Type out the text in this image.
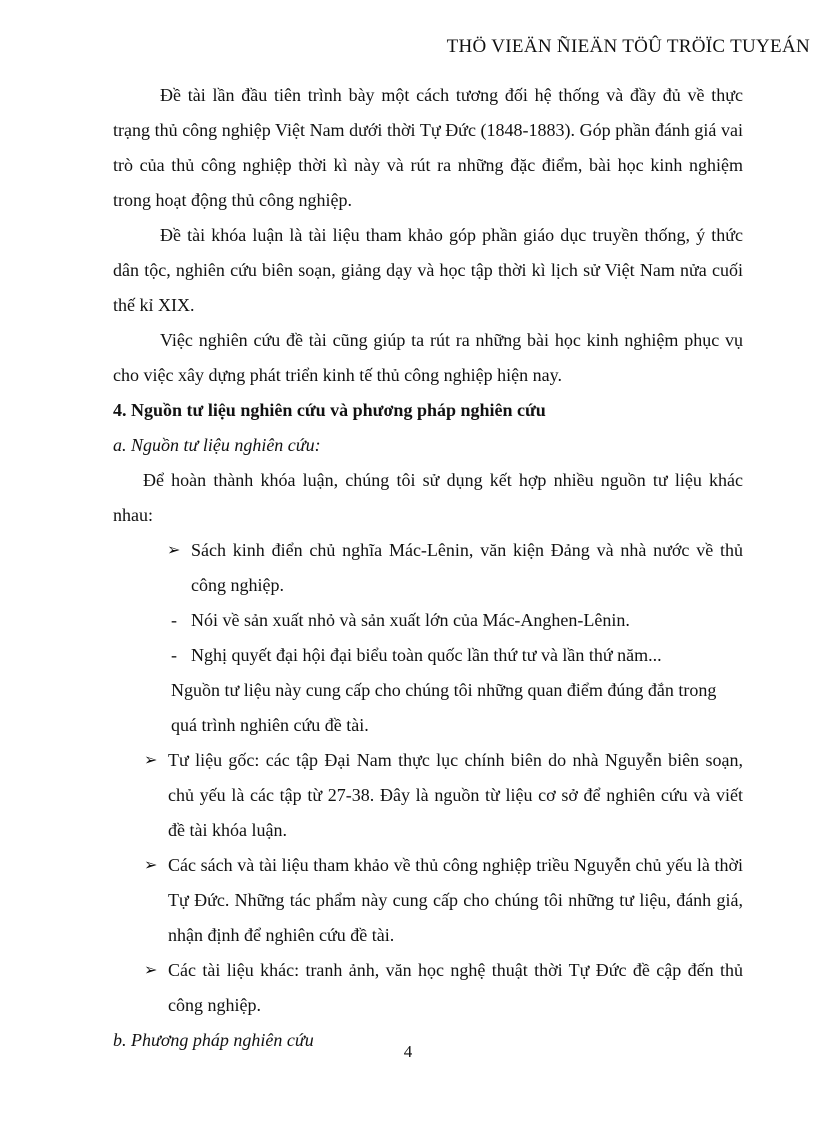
THÖ VIEÄN ÑIEÄN TÖÛ TRÖÏC TUYEÁN

Đề tài lần đầu tiên trình bày một cách tương đối hệ thống và đầy đủ về thực trạng thủ công nghiệp Việt Nam dưới thời Tự Đức (1848-1883). Góp phần đánh giá vai trò của thủ công nghiệp thời kì này và rút ra những đặc điểm, bài học kinh nghiệm trong hoạt động thủ công nghiệp.

Đề tài khóa luận là tài liệu tham khảo góp phần giáo dục truyền thống, ý thức dân tộc, nghiên cứu biên soạn, giảng dạy và học tập thời kì lịch sử Việt Nam nửa cuối thế kỉ XIX.

Việc nghiên cứu đề tài cũng giúp ta rút ra những bài học kinh nghiệm phục vụ cho việc xây dựng phát triển kinh tế thủ công nghiệp hiện nay.

4. Nguồn tư liệu nghiên cứu và phương pháp nghiên cứu

a. Nguồn tư liệu nghiên cứu:

Để hoàn thành khóa luận, chúng tôi sử dụng kết hợp nhiều nguồn tư liệu khác nhau:

➢ Sách kinh điển chủ nghĩa Mác-Lênin, văn kiện Đảng và nhà nước về thủ công nghiệp.
- Nói về sản xuất nhỏ và sản xuất lớn của Mác-Anghen-Lênin.
- Nghị quyết đại hội đại biểu toàn quốc lần thứ tư và lần thứ năm...

Nguồn tư liệu này cung cấp cho chúng tôi những quan điểm đúng đắn trong quá trình nghiên cứu đề tài.

➢ Tư liệu gốc: các tập Đại Nam thực lục chính biên do nhà Nguyễn biên soạn, chủ yếu là các tập từ 27-38. Đây là nguồn từ liệu cơ sở để nghiên cứu và viết đề tài khóa luận.
➢ Các sách và tài liệu tham khảo về thủ công nghiệp triều Nguyễn chủ yếu là thời Tự Đức. Những tác phẩm này cung cấp cho chúng tôi những tư liệu, đánh giá, nhận định để nghiên cứu đề tài.
➢ Các tài liệu khác: tranh ảnh, văn học nghệ thuật thời Tự Đức đề cập đến thủ công nghiệp.

b. Phương pháp nghiên cứu

4
